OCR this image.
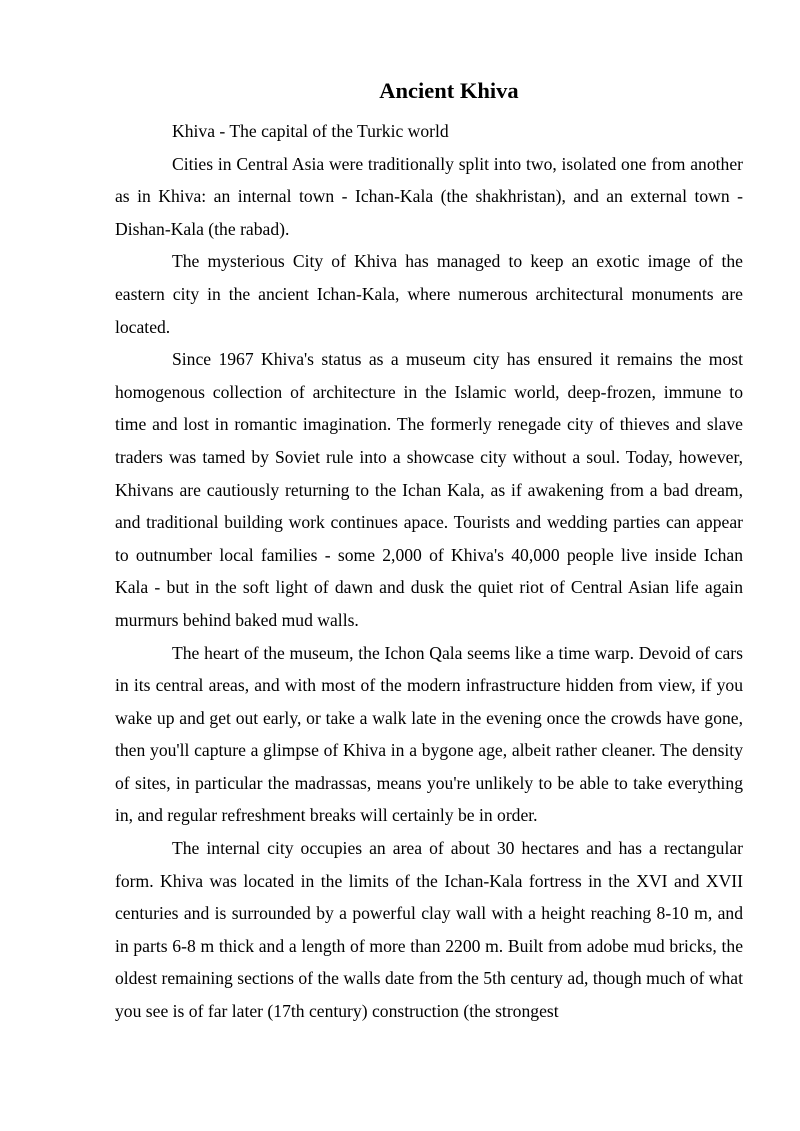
Ancient Khiva

Khiva - The capital of the Turkic world

Cities in Central Asia were traditionally split into two, isolated one from another as in Khiva: an internal town - Ichan-Kala (the shakhristan), and an external town - Dishan-Kala (the rabad).

The mysterious City of Khiva has managed to keep an exotic image of the eastern city in the ancient Ichan-Kala, where numerous architectural monuments are located.

Since 1967 Khiva's status as a museum city has ensured it remains the most homogenous collection of architecture in the Islamic world, deep-frozen, immune to time and lost in romantic imagination. The formerly renegade city of thieves and slave traders was tamed by Soviet rule into a showcase city without a soul. Today, however, Khivans are cautiously returning to the Ichan Kala, as if awakening from a bad dream, and traditional building work continues apace. Tourists and wedding parties can appear to outnumber local families - some 2,000 of Khiva's 40,000 people live inside Ichan Kala - but in the soft light of dawn and dusk the quiet riot of Central Asian life again murmurs behind baked mud walls.

The heart of the museum, the Ichon Qala seems like a time warp. Devoid of cars in its central areas, and with most of the modern infrastructure hidden from view, if you wake up and get out early, or take a walk late in the evening once the crowds have gone, then you'll capture a glimpse of Khiva in a bygone age, albeit rather cleaner. The density of sites, in particular the madrassas, means you're unlikely to be able to take everything in, and regular refreshment breaks will certainly be in order.

The internal city occupies an area of about 30 hectares and has a rectangular form. Khiva was located in the limits of the Ichan-Kala fortress in the XVI and XVII centuries and is surrounded by a powerful clay wall with a height reaching 8-10 m, and in parts 6-8 m thick and a length of more than 2200 m. Built from adobe mud bricks, the oldest remaining sections of the walls date from the 5th century ad, though much of what you see is of far later (17th century) construction (the strongest
